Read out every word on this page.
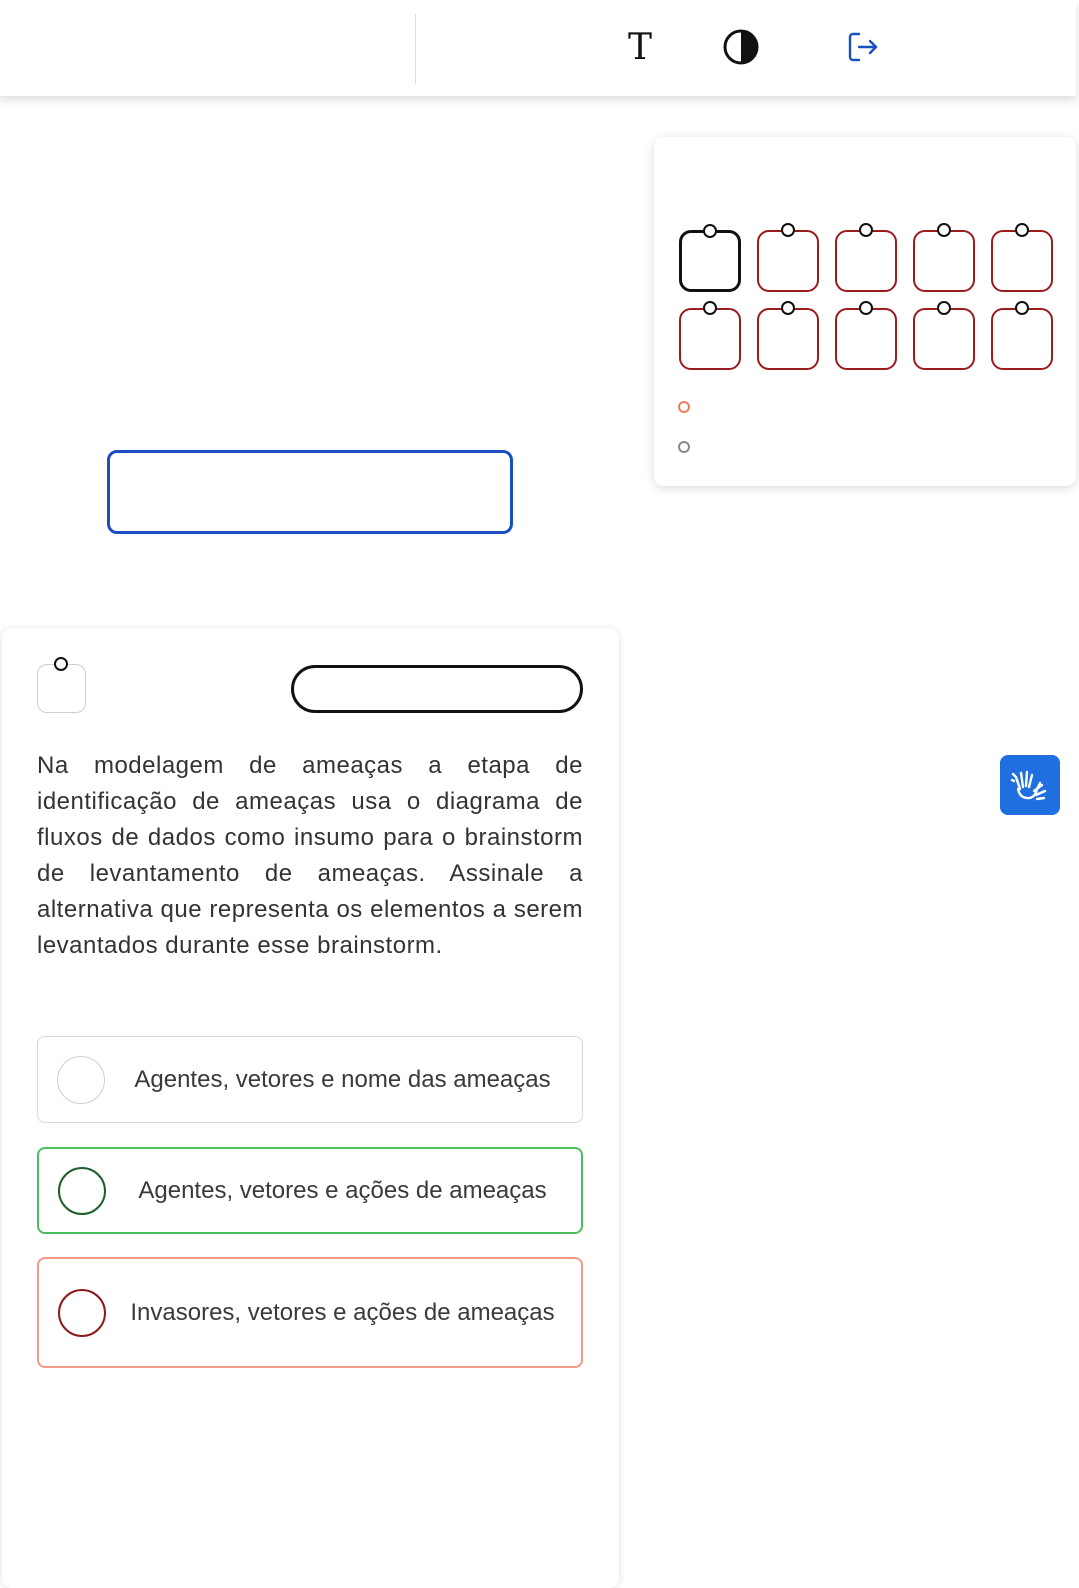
T

Na modelagem de ameaças a etapa de identificação de ameaças usa o diagrama de fluxos de dados como insumo para o brainstorm de levantamento de ameaças. Assinale a alternativa que representa os elementos a serem levantados durante esse brainstorm.

Agentes, vetores e nome das ameaças
Agentes, vetores e ações de ameaças
Invasores, vetores e ações de ameaças
